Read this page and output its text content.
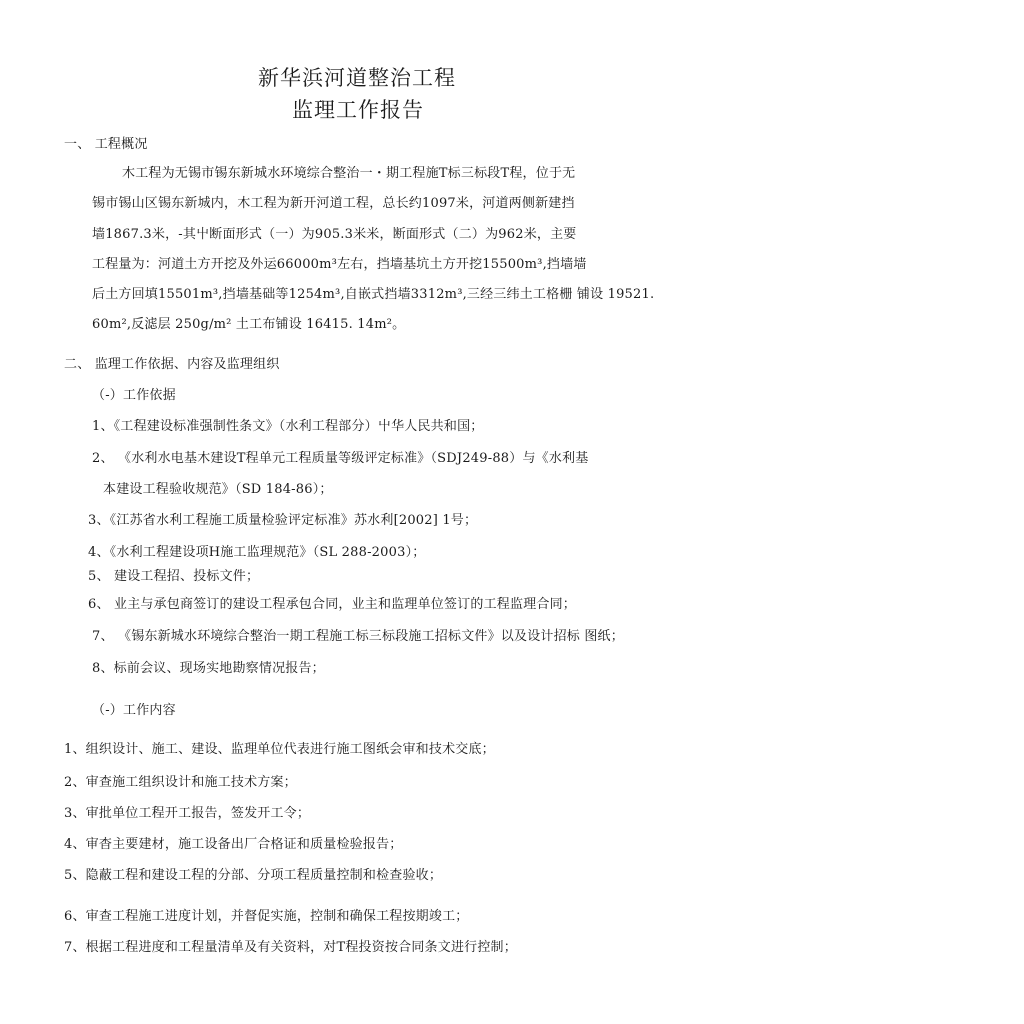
新华浜河道整治工程
监理工作报告
一、 工程概况
木工程为无锡市锡东新城水环境综合整治一・期工程施T标三标段T程，位于无
锡市锡山区锡东新城内，木工程为新开河道工程，总长约1097米，河道两侧新建挡
墙1867.3米，-其屮断面形式（一）为905.3米米，断面形式（二）为962米，主要
工程量为：河道土方开挖及外运66000m³左右，挡墙基坑土方开挖15500m³,挡墙墙
后土方回填15501m³,挡墙基础等1254m³,自嵌式挡墙3312m³,三经三纬土工格栅 铺设 19521.
60m²,反滤层 250g/m² 土工布铺设 16415. 14m²。
二、 监理工作依据、内容及监理组织
（-）工作依据
1、《工程建设标准强制性条文》（水利工程部分）屮华人民共和国；
2、 《水利水电基木建设T程单元工程质量等级评定标准》（SDJ249-88）与《水利基
本建设工程验收规范》（SD 184-86）；
3、《江苏省水利工程施工质量检验评定标准》苏水利[2002] 1号；
4、《水利工程建设项H施工监理规范》（SL 288-2003）；
5、 建设工程招、投标文件；
6、 业主与承包商签订的建设工程承包合同，业主和监理单位签订的工程监理合同；
7、 《锡东新城水环境综合整治一期工程施工标三标段施工招标文件》以及设计招标 图纸；
8、标前会议、现场实地勘察情况报告；
（-）工作内容
1、组织设计、施工、建设、监理单位代表进行施工图纸会审和技术交底；
2、审查施工组织设计和施工技术方案；
3、审批单位工程开工报告，签发开工令；
4、审杳主要建材，施工设备出厂合格证和质量检验报告；
5、隐蔽工程和建设工程的分部、分项工程质量控制和检查验收；
6、审查工程施工进度计划，并督促实施，控制和确保工程按期竣工；
7、根据工程进度和工程量清单及有关资料，对T程投资按合同条文进行控制；
